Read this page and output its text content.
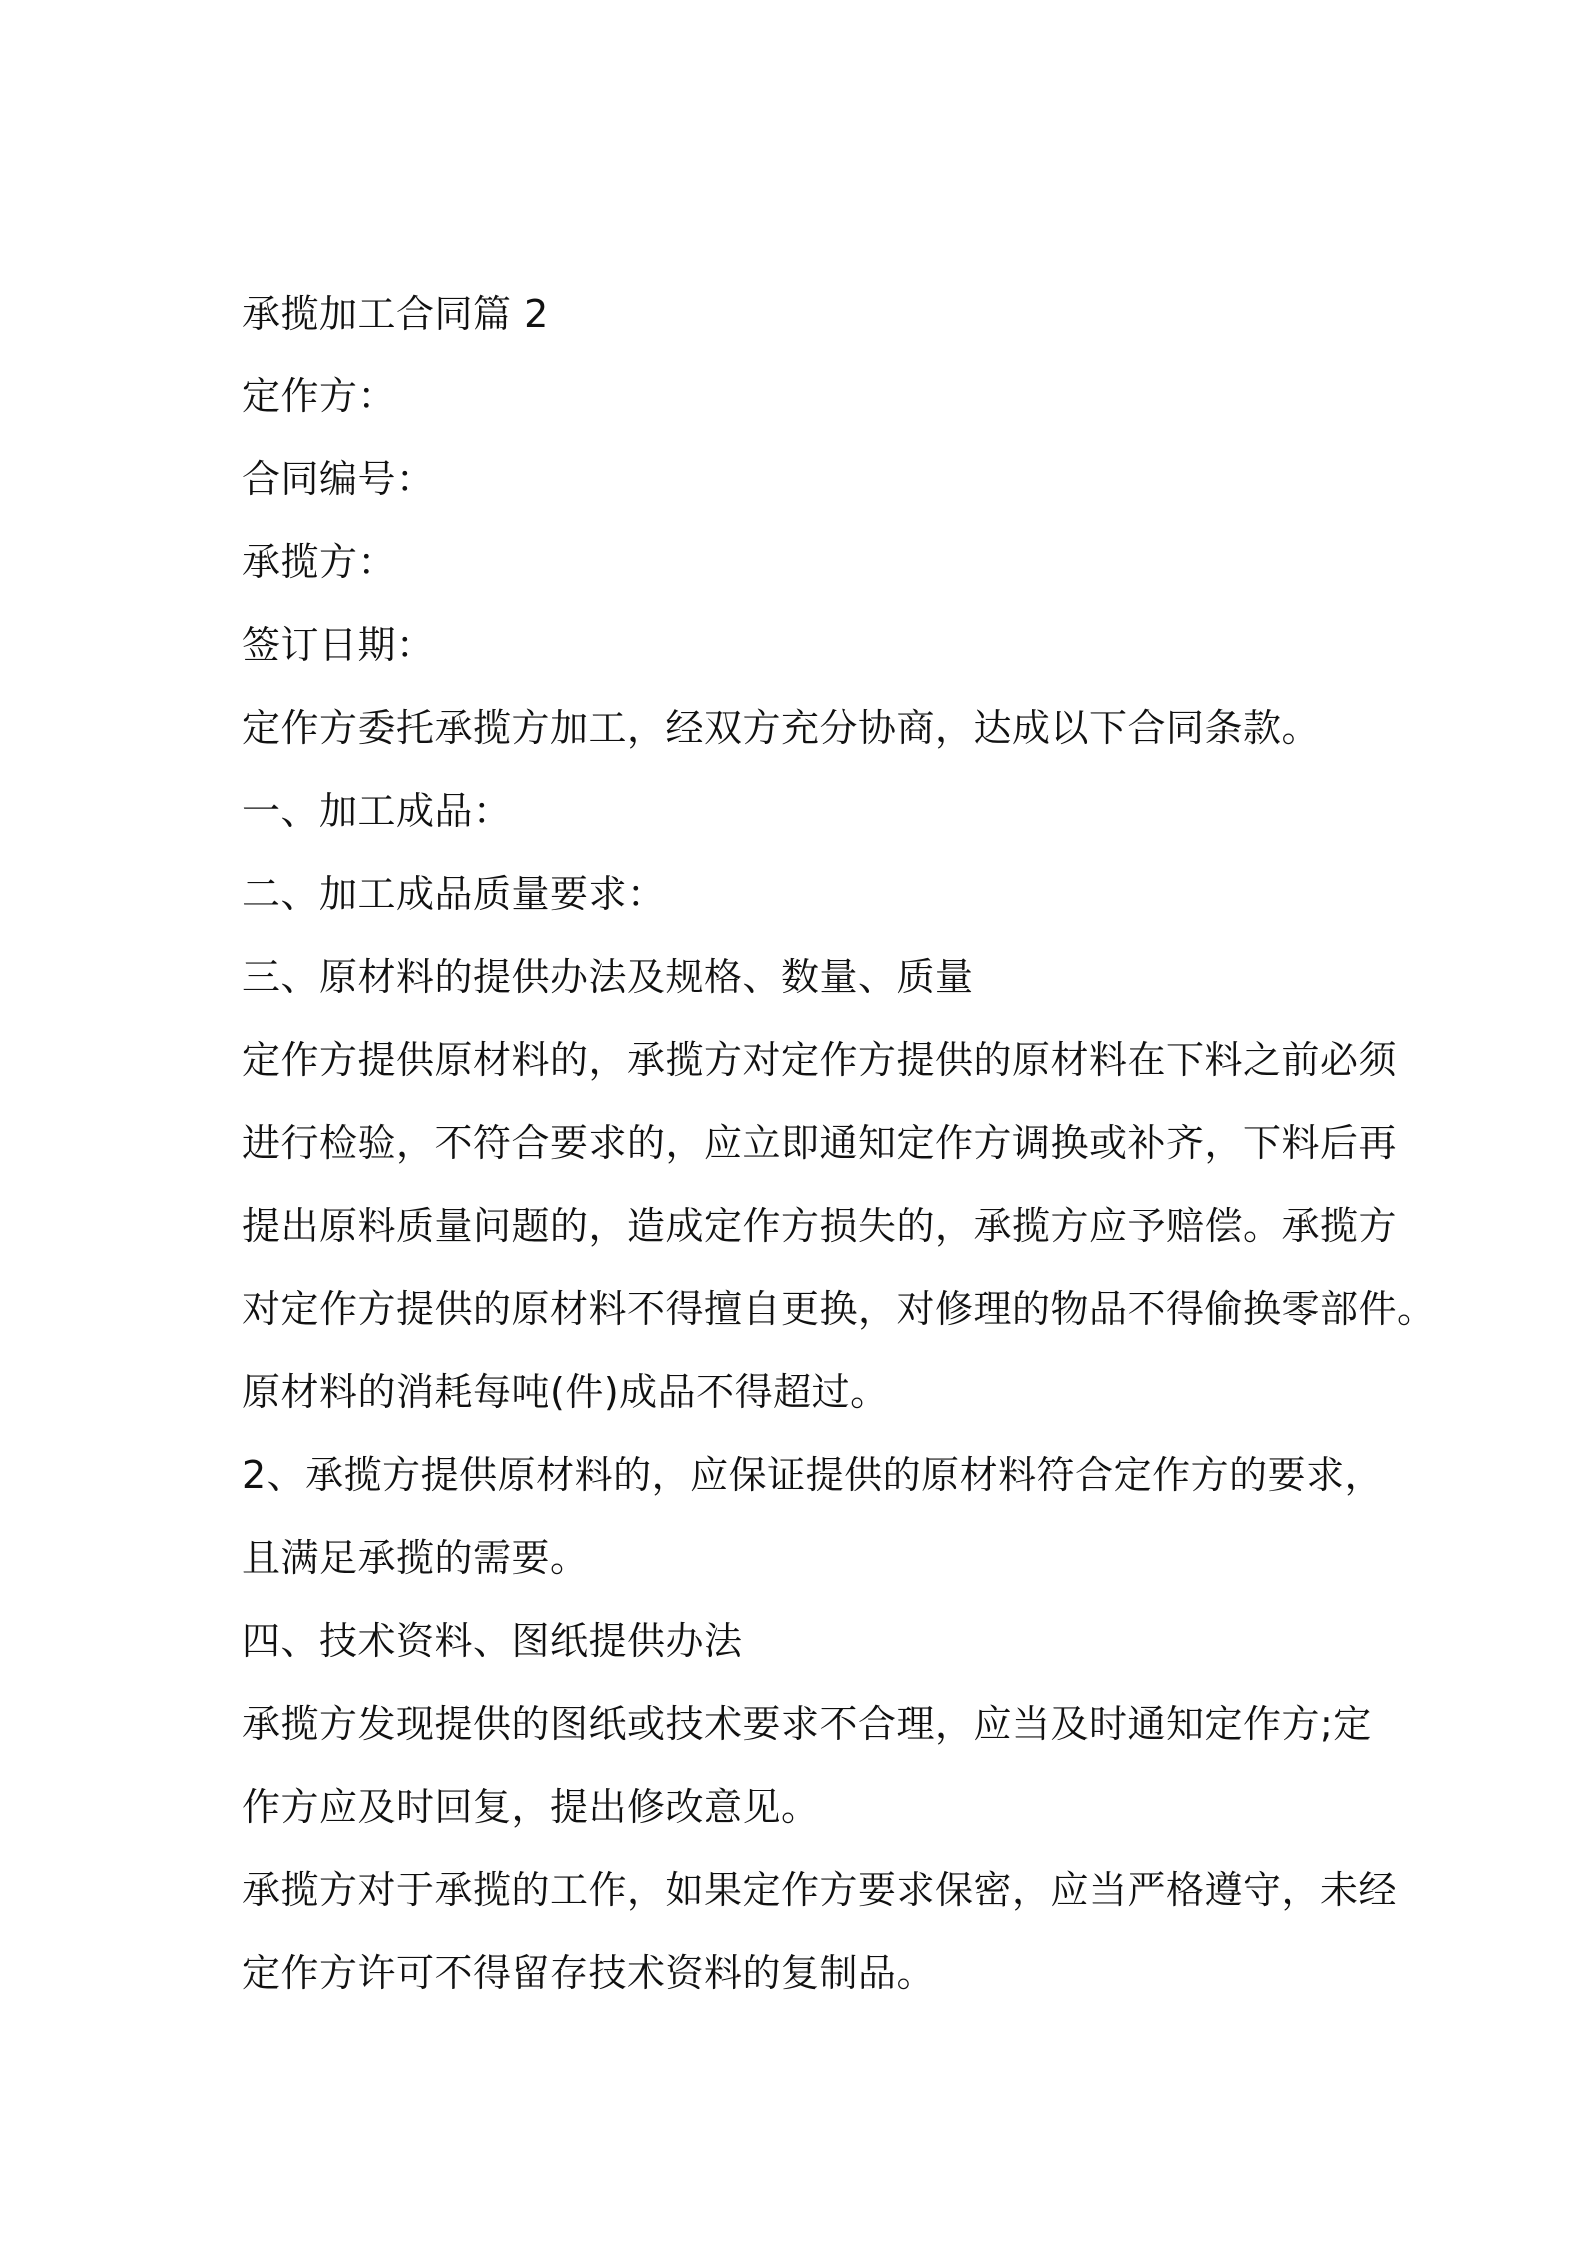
承揽加工合同篇 2
定作方：
合同编号：
承揽方：
签订日期：
定作方委托承揽方加工，经双方充分协商，达成以下合同条款。
一、加工成品：
二、加工成品质量要求：
三、原材料的提供办法及规格、数量、质量
定作方提供原材料的，承揽方对定作方提供的原材料在下料之前必须
进行检验，不符合要求的，应立即通知定作方调换或补齐，下料后再
提出原料质量问题的，造成定作方损失的，承揽方应予赔偿。承揽方
对定作方提供的原材料不得擅自更换，对修理的物品不得偷换零部件。
原材料的消耗每吨(件)成品不得超过。
2、承揽方提供原材料的，应保证提供的原材料符合定作方的要求，
且满足承揽的需要。
四、技术资料、图纸提供办法
承揽方发现提供的图纸或技术要求不合理，应当及时通知定作方;定
作方应及时回复，提出修改意见。
承揽方对于承揽的工作，如果定作方要求保密，应当严格遵守，未经
定作方许可不得留存技术资料的复制品。
